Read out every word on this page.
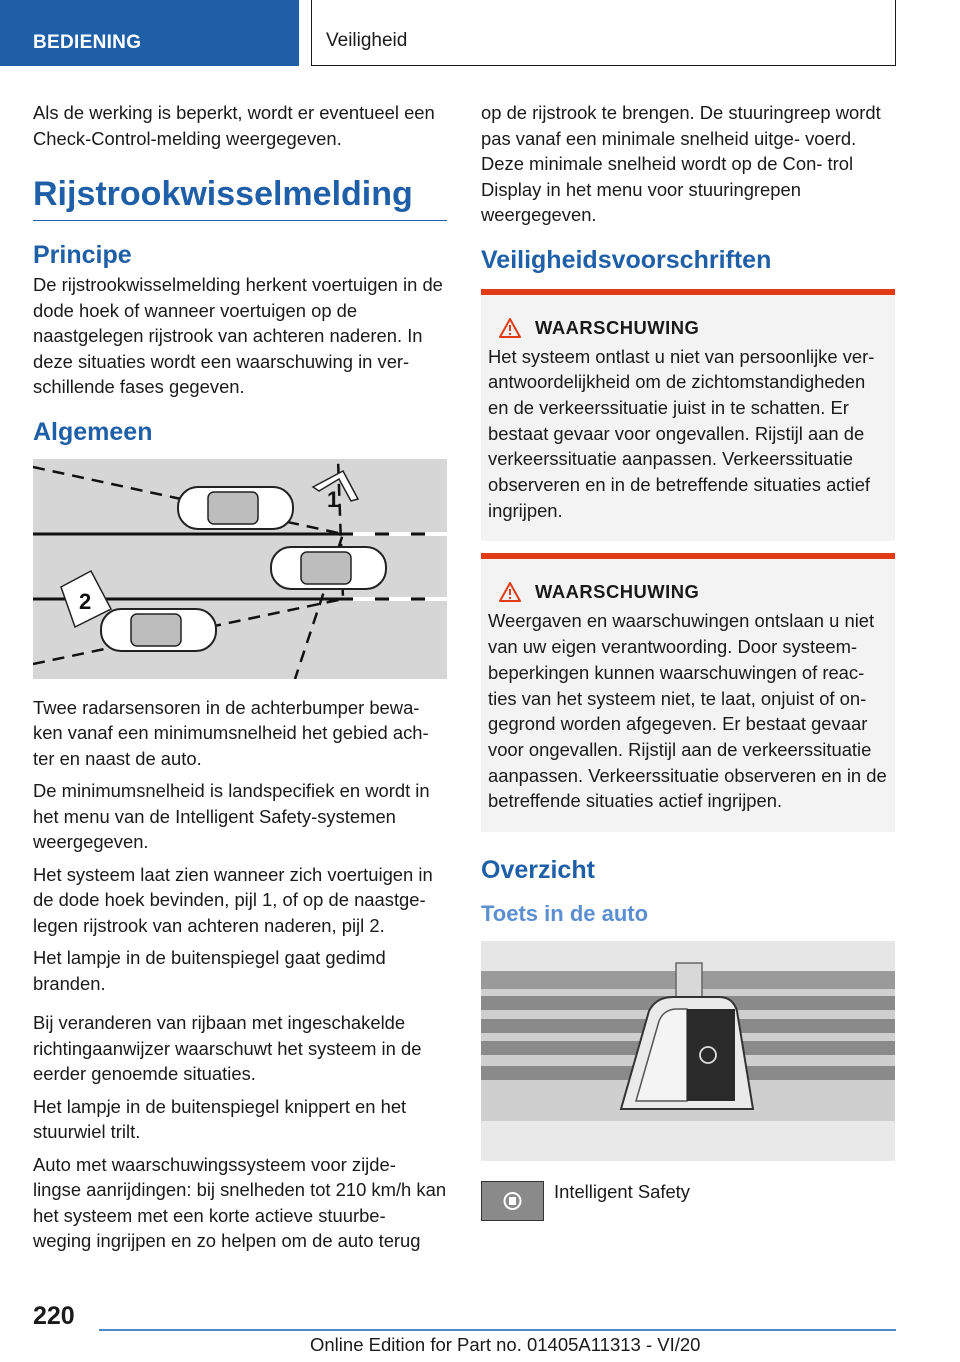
BEDIENING	Veiligheid

Als de werking is beperkt, wordt er eventueel een Check-Control-melding weergegeven.

Rijstrookwisselmelding
Principe

De rijstrookwisselmelding herkent voertuigen in de dode hoek of wanneer voertuigen op de naastgelegen rijstrook van achteren naderen. In deze situaties wordt een waarschuwing in ver- schillende fases gegeven.

Algemeen
1
2

Twee radarsensoren in de achterbumper bewa- ken vanaf een minimumsnelheid het gebied ach- ter en naast de auto.

De minimumsnelheid is landspecifiek en wordt in het menu van de Intelligent Safety-systemen weergegeven.

Het systeem laat zien wanneer zich voertuigen in de dode hoek bevinden, pijl 1, of op de naastge- legen rijstrook van achteren naderen, pijl 2.

Het lampje in de buitenspiegel gaat gedimd branden.

Bij veranderen van rijbaan met ingeschakelde richtingaanwijzer waarschuwt het systeem in de eerder genoemde situaties.

Het lampje in de buitenspiegel knippert en het stuurwiel trilt.

Auto met waarschuwingssysteem voor zijde- lingse aanrijdingen: bij snelheden tot 210 km/h kan het systeem met een korte actieve stuurbe- weging ingrijpen en zo helpen om de auto terug

op de rijstrook te brengen. De stuuringreep wordt pas vanaf een minimale snelheid uitge- voerd. Deze minimale snelheid wordt op de Con- trol Display in het menu voor stuuringrepen weergegeven.

Veiligheidsvoorschriften
WAARSCHUWING

Het systeem ontlast u niet van persoonlijke ver- antwoordelijkheid om de zichtomstandigheden en de verkeerssituatie juist in te schatten. Er bestaat gevaar voor ongevallen. Rijstijl aan de verkeerssituatie aanpassen. Verkeerssituatie observeren en in de betreffende situaties actief ingrijpen.

WAARSCHUWING

Weergaven en waarschuwingen ontslaan u niet van uw eigen verantwoording. Door systeem- beperkingen kunnen waarschuwingen of reac- ties van het systeem niet, te laat, onjuist of on- gegrond worden afgegeven. Er bestaat gevaar voor ongevallen. Rijstijl aan de verkeerssituatie aanpassen. Verkeerssituatie observeren en in de betreffende situaties actief ingrijpen.

Overzicht
Toets in de auto
Intelligent Safety
220
Online Edition for Part no. 01405A11313 - VI/20
